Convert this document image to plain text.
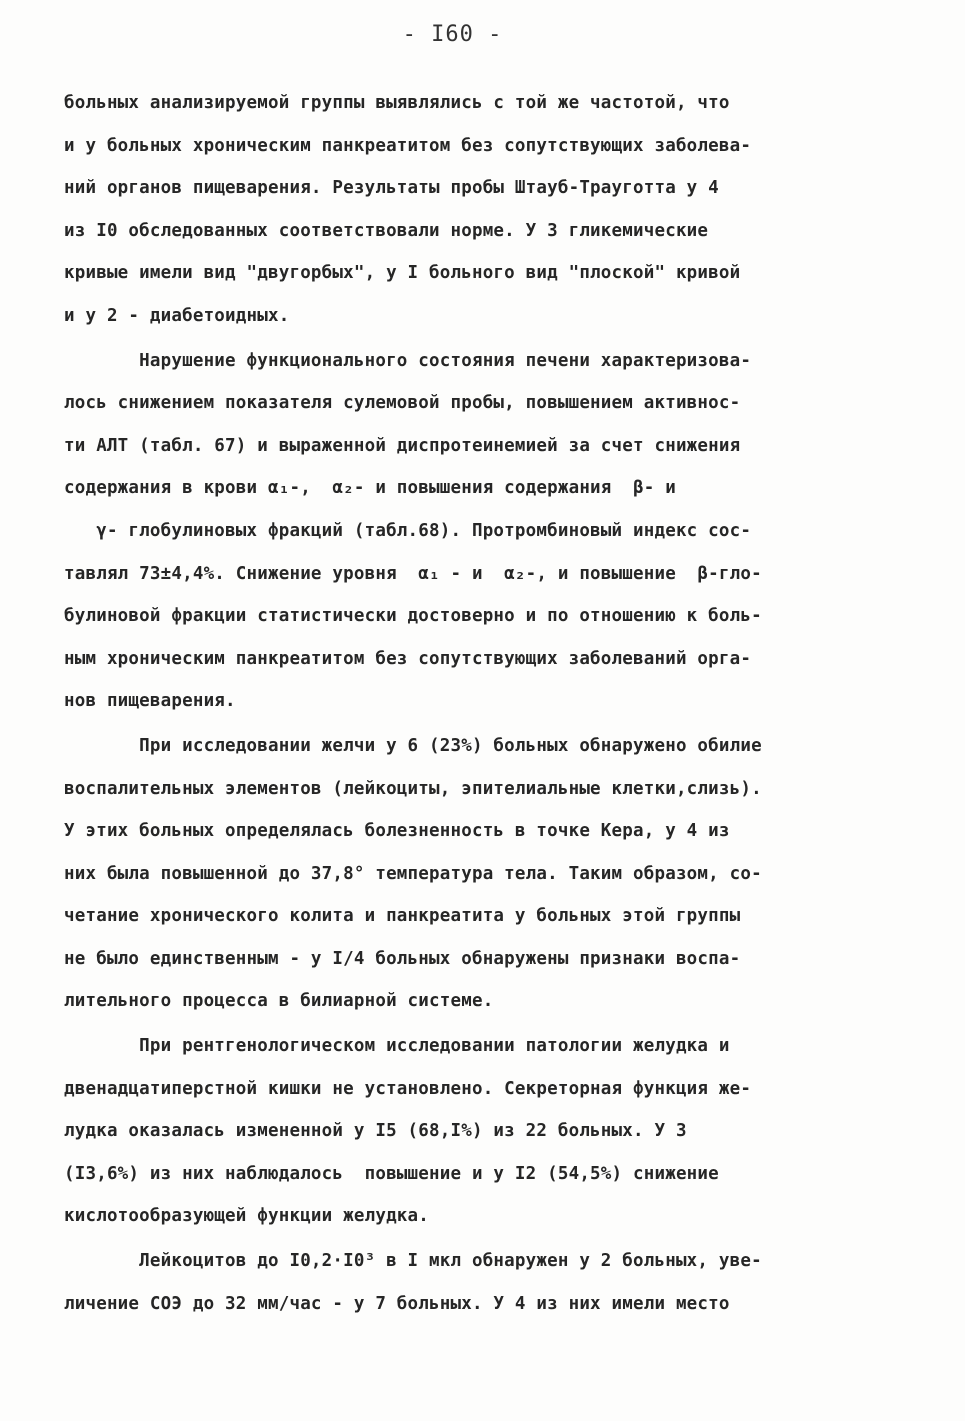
- I60 -
больных анализируемой группы выявлялись с той же частотой, что
и у больных хроническим панкреатитом без сопутствующих заболева-
ний органов пищеварения. Результаты пробы Штауб-Трауготта у 4
из I0 обследованных соответствовали норме. У 3 гликемические
кривые имели вид "двугорбых", у I больного вид "плоской" кривой
и у 2 - диабетоидных.
Нарушение функционального состояния печени характеризова-
лось снижением показателя сулемовой пробы, повышением активнос-
ти АЛТ (табл. 67) и выраженной диспротеинемией за счет снижения
содержания в крови α₁-,  α₂- и повышения содержания  β- и
γ- глобулиновых фракций (табл.68). Протромбиновый индекс сос-
тавлял 73±4,4%. Снижение уровня  α₁ - и  α₂-, и повышение  β-гло-
булиновой фракции статистически достоверно и по отношению к боль-
ным хроническим панкреатитом без сопутствующих заболеваний орга-
нов пищеварения.
При исследовании желчи у 6 (23%) больных обнаружено обилие
воспалительных элементов (лейкоциты, эпителиальные клетки,слизь).
У этих больных определялась болезненность в точке Кера, у 4 из
них была повышенной до 37,8° температура тела. Таким образом, со-
четание хронического колита и панкреатита у больных этой группы
не было единственным - у I/4 больных обнаружены признаки воспа-
лительного процесса в билиарной системе.
При рентгенологическом исследовании патологии желудка и
двенадцатиперстной кишки не установлено. Секреторная функция же-
лудка оказалась измененной у I5 (68,I%) из 22 больных. У 3
(I3,6%) из них наблюдалось  повышение и у I2 (54,5%) снижение
кислотообразующей функции желудка.
Лейкоцитов до I0,2·I0³ в I мкл обнаружен у 2 больных, уве-
личение СОЭ до 32 мм/час - у 7 больных. У 4 из них имели место
